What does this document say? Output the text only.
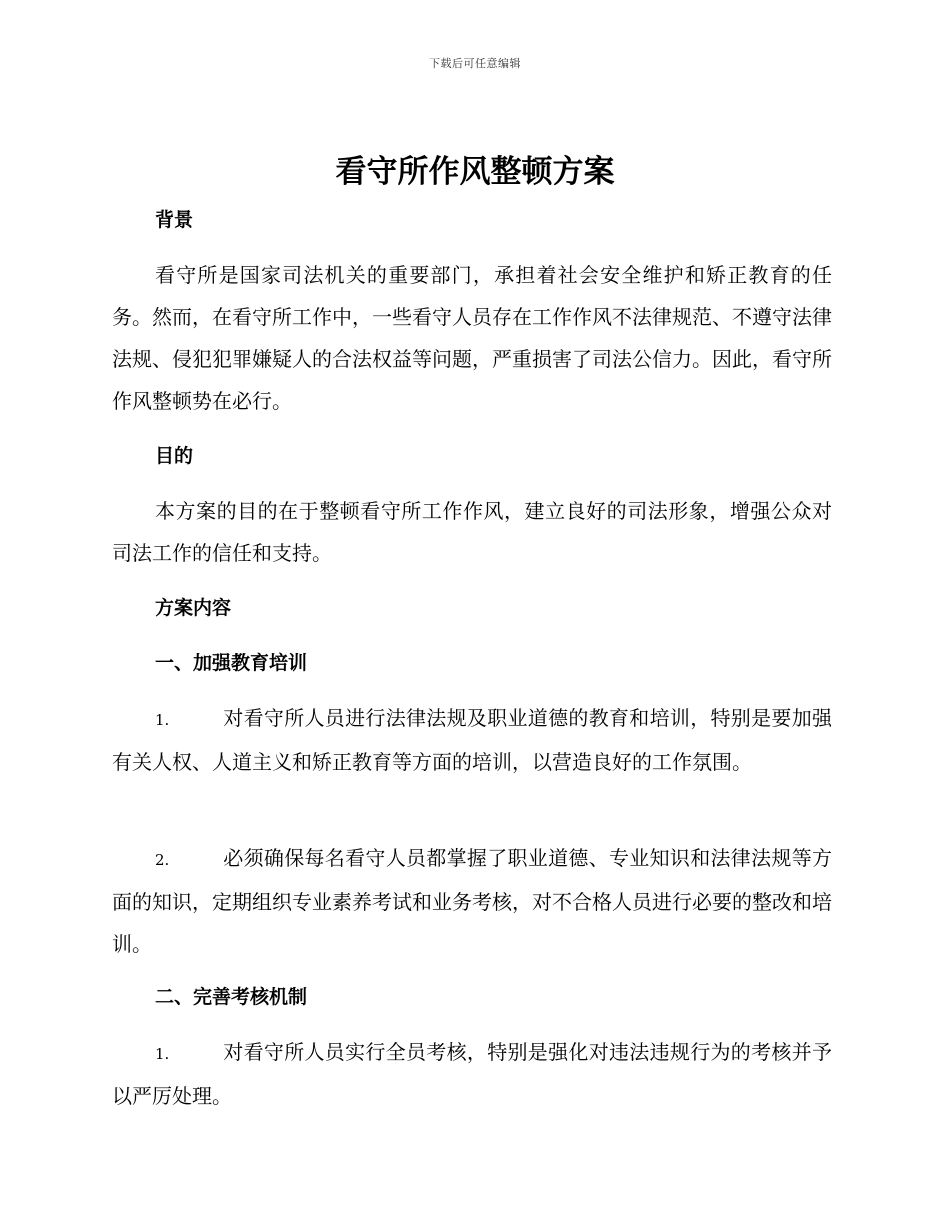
下载后可任意编辑
看守所作风整顿方案
背景

看守所是国家司法机关的重要部门，承担着社会安全维护和矫正教育的任务。然而，在看守所工作中，一些看守人员存在工作作风不法律规范、不遵守法律法规、侵犯犯罪嫌疑人的合法权益等问题，严重损害了司法公信力。因此，看守所作风整顿势在必行。

目的

本方案的目的在于整顿看守所工作作风，建立良好的司法形象，增强公众对司法工作的信任和支持。

方案内容
一、加强教育培训

1.	对看守所人员进行法律法规及职业道德的教育和培训，特别是要加强有关人权、人道主义和矫正教育等方面的培训，以营造良好的工作氛围。

2.	必须确保每名看守人员都掌握了职业道德、专业知识和法律法规等方面的知识，定期组织专业素养考试和业务考核，对不合格人员进行必要的整改和培训。

二、完善考核机制

1.	对看守所人员实行全员考核，特别是强化对违法违规行为的考核并予以严厉处理。
